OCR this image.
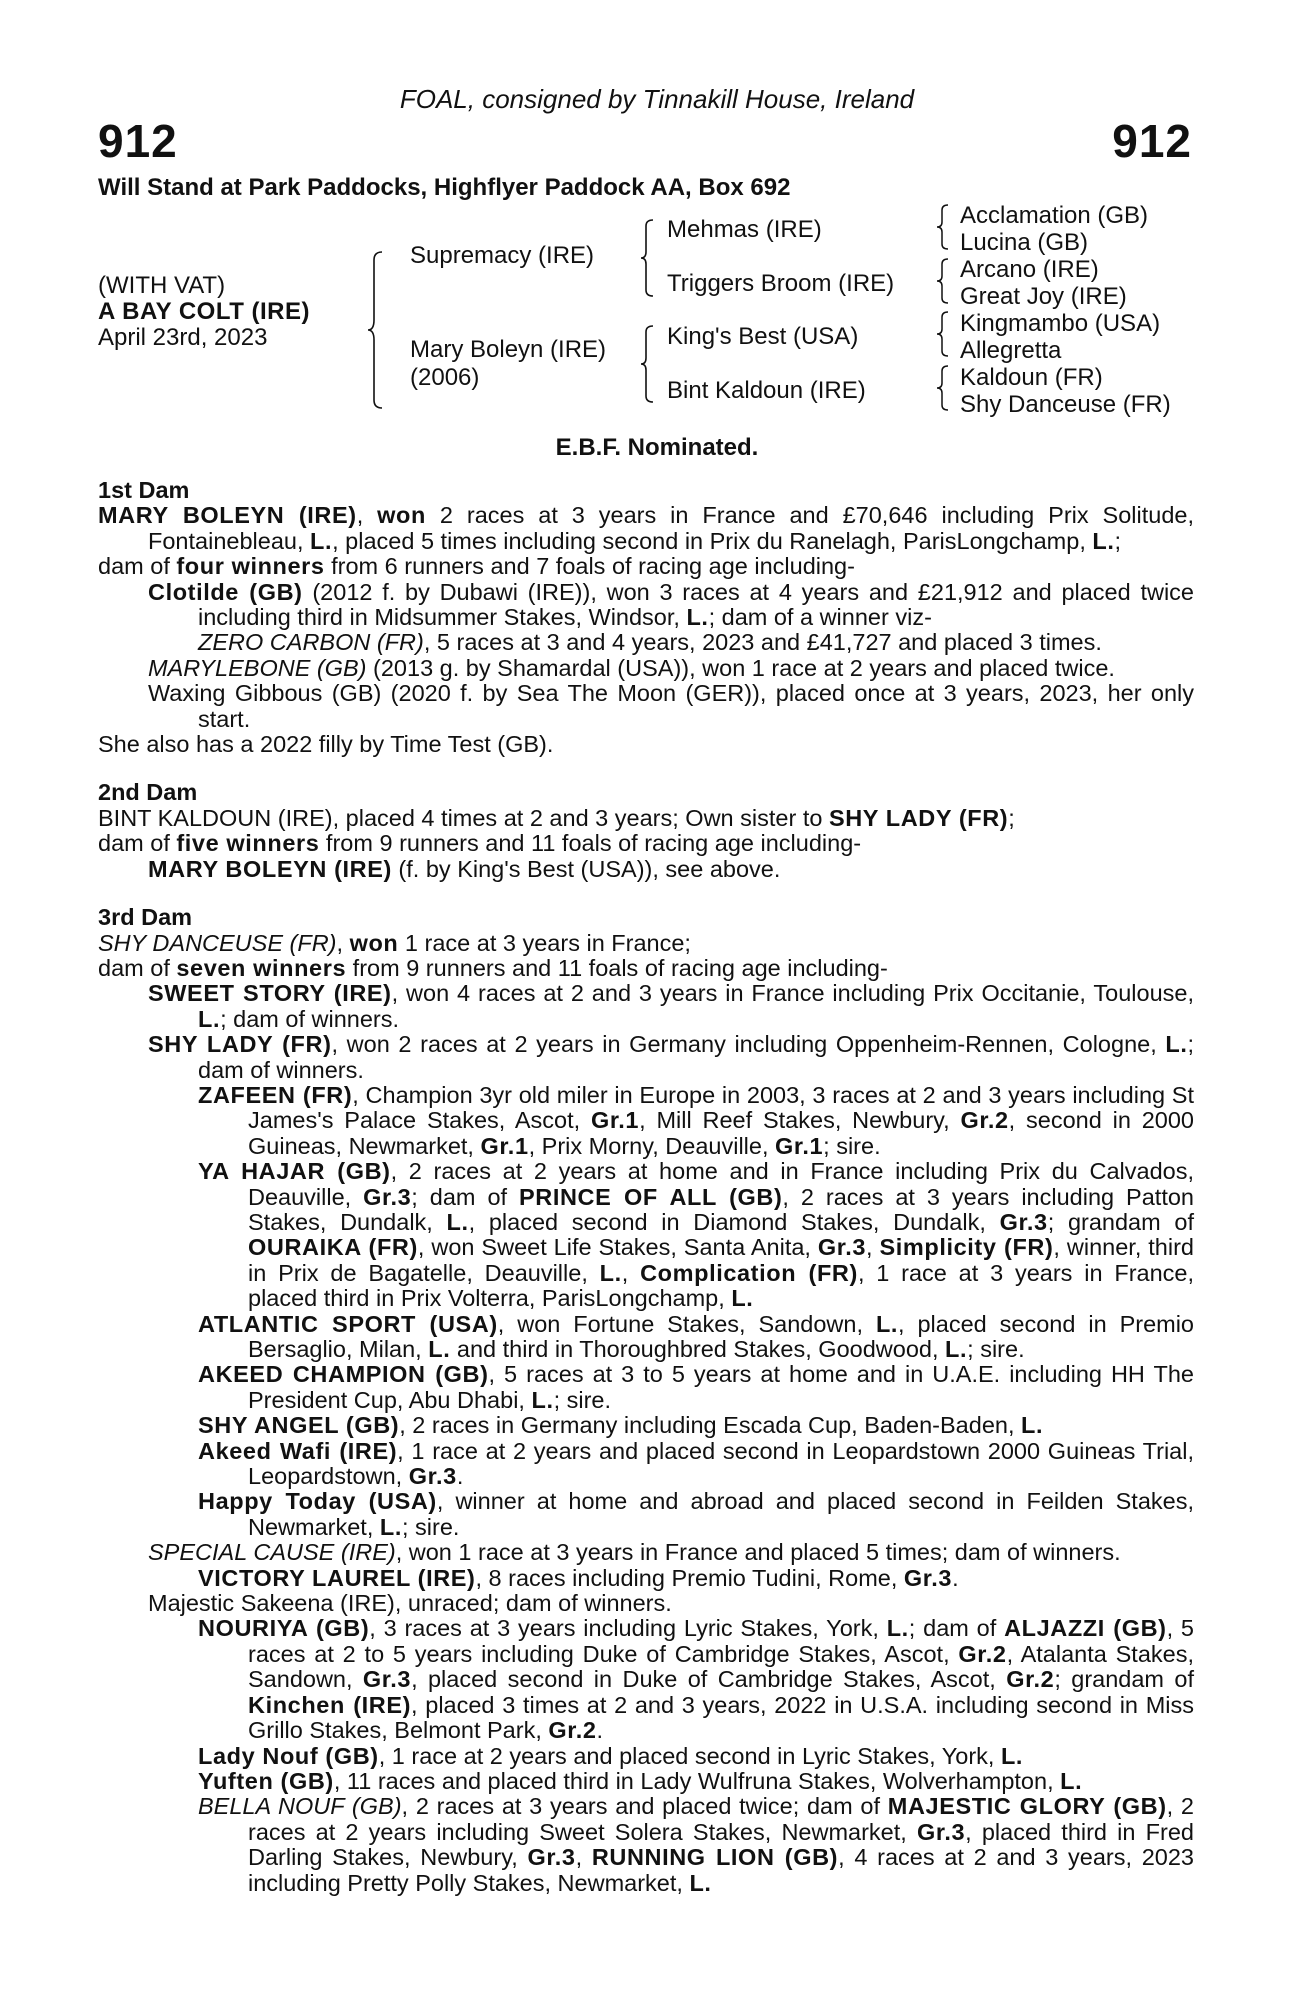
FOAL, consigned by Tinnakill House, Ireland
912	912
Will Stand at Park Paddocks, Highflyer Paddock AA, Box 692
(WITH VAT)
A BAY COLT (IRE)
April 23rd, 2023
Supremacy (IRE)
Mary Boleyn (IRE)
(2006)
Mehmas (IRE)
Triggers Broom (IRE)
King's Best (USA)
Bint Kaldoun (IRE)
Acclamation (GB)
Lucina (GB)
Arcano (IRE)
Great Joy (IRE)
Kingmambo (USA)
Allegretta
Kaldoun (FR)
Shy Danceuse (FR)
E.B.F. Nominated.

1st Dam

MARY BOLEYN (IRE), won 2 races at 3 years in France and £70,646 including Prix Solitude, Fontainebleau, L., placed 5 times including second in Prix du Ranelagh, ParisLongchamp, L.;

dam of four winners from 6 runners and 7 foals of racing age including-

Clotilde (GB) (2012 f. by Dubawi (IRE)), won 3 races at 4 years and £21,912 and placed twice including third in Midsummer Stakes, Windsor, L.; dam of a winner viz-

ZERO CARBON (FR), 5 races at 3 and 4 years, 2023 and £41,727 and placed 3 times.

MARYLEBONE (GB) (2013 g. by Shamardal (USA)), won 1 race at 2 years and placed twice.

Waxing Gibbous (GB) (2020 f. by Sea The Moon (GER)), placed once at 3 years, 2023, her only start.

She also has a 2022 filly by Time Test (GB).

2nd Dam

BINT KALDOUN (IRE), placed 4 times at 2 and 3 years; Own sister to SHY LADY (FR);

dam of five winners from 9 runners and 11 foals of racing age including-

MARY BOLEYN (IRE) (f. by King's Best (USA)), see above.

3rd Dam

SHY DANCEUSE (FR), won 1 race at 3 years in France;

dam of seven winners from 9 runners and 11 foals of racing age including-

SWEET STORY (IRE), won 4 races at 2 and 3 years in France including Prix Occitanie, Toulouse, L.; dam of winners.

SHY LADY (FR), won 2 races at 2 years in Germany including Oppenheim-Rennen, Cologne, L.; dam of winners.

ZAFEEN (FR), Champion 3yr old miler in Europe in 2003, 3 races at 2 and 3 years including St James's Palace Stakes, Ascot, Gr.1, Mill Reef Stakes, Newbury, Gr.2, second in 2000 Guineas, Newmarket, Gr.1, Prix Morny, Deauville, Gr.1; sire.

YA HAJAR (GB), 2 races at 2 years at home and in France including Prix du Calvados, Deauville, Gr.3; dam of PRINCE OF ALL (GB), 2 races at 3 years including Patton Stakes, Dundalk, L., placed second in Diamond Stakes, Dundalk, Gr.3; grandam of OURAIKA (FR), won Sweet Life Stakes, Santa Anita, Gr.3, Simplicity (FR), winner, third in Prix de Bagatelle, Deauville, L., Complication (FR), 1 race at 3 years in France, placed third in Prix Volterra, ParisLongchamp, L.

ATLANTIC SPORT (USA), won Fortune Stakes, Sandown, L., placed second in Premio Bersaglio, Milan, L. and third in Thoroughbred Stakes, Goodwood, L.; sire.

AKEED CHAMPION (GB), 5 races at 3 to 5 years at home and in U.A.E. including HH The President Cup, Abu Dhabi, L.; sire.

SHY ANGEL (GB), 2 races in Germany including Escada Cup, Baden-Baden, L.

Akeed Wafi (IRE), 1 race at 2 years and placed second in Leopardstown 2000 Guineas Trial, Leopardstown, Gr.3.

Happy Today (USA), winner at home and abroad and placed second in Feilden Stakes, Newmarket, L.; sire.

SPECIAL CAUSE (IRE), won 1 race at 3 years in France and placed 5 times; dam of winners.

VICTORY LAUREL (IRE), 8 races including Premio Tudini, Rome, Gr.3.

Majestic Sakeena (IRE), unraced; dam of winners.

NOURIYA (GB), 3 races at 3 years including Lyric Stakes, York, L.; dam of ALJAZZI (GB), 5 races at 2 to 5 years including Duke of Cambridge Stakes, Ascot, Gr.2, Atalanta Stakes, Sandown, Gr.3, placed second in Duke of Cambridge Stakes, Ascot, Gr.2; grandam of Kinchen (IRE), placed 3 times at 2 and 3 years, 2022 in U.S.A. including second in Miss Grillo Stakes, Belmont Park, Gr.2.

Lady Nouf (GB), 1 race at 2 years and placed second in Lyric Stakes, York, L.

Yuften (GB), 11 races and placed third in Lady Wulfruna Stakes, Wolverhampton, L.

BELLA NOUF (GB), 2 races at 3 years and placed twice; dam of MAJESTIC GLORY (GB), 2 races at 2 years including Sweet Solera Stakes, Newmarket, Gr.3, placed third in Fred Darling Stakes, Newbury, Gr.3, RUNNING LION (GB), 4 races at 2 and 3 years, 2023 including Pretty Polly Stakes, Newmarket, L.
